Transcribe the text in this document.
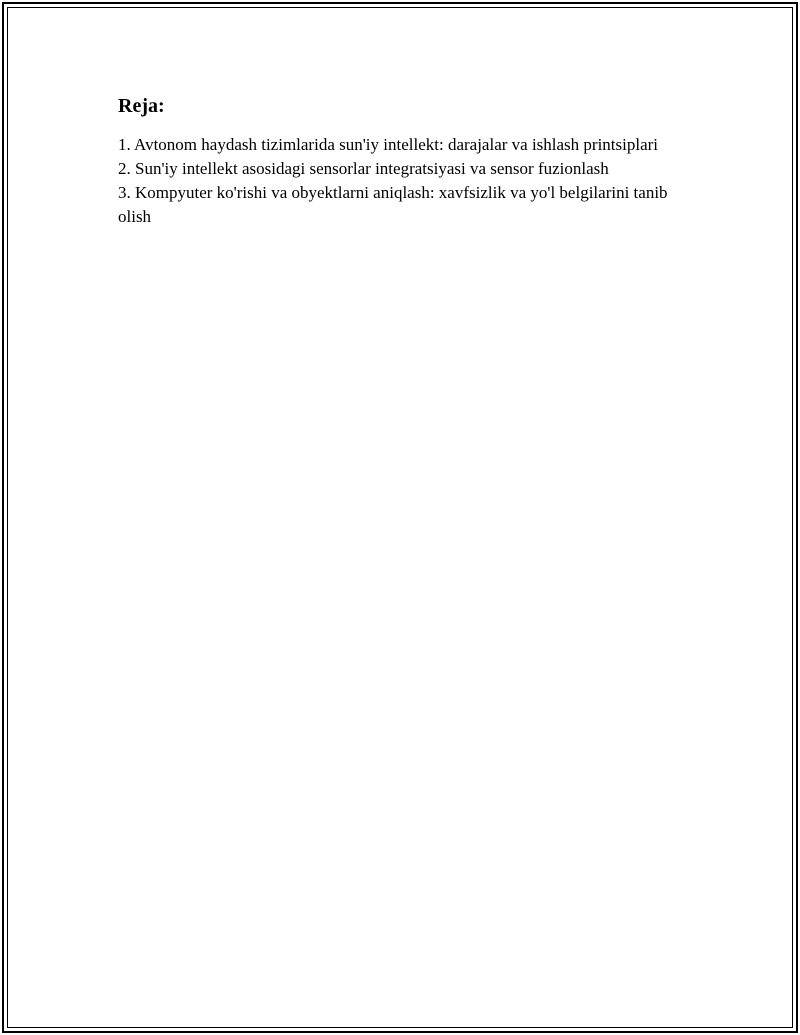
Reja:
1. Avtonom haydash tizimlarida sun'iy intellekt: darajalar va ishlash printsiplari
2. Sun'iy intellekt asosidagi sensorlar integratsiyasi va sensor fuzionlash
3. Kompyuter ko'rishi va obyektlarni aniqlash: xavfsizlik va yo'l belgilarini tanib olish
